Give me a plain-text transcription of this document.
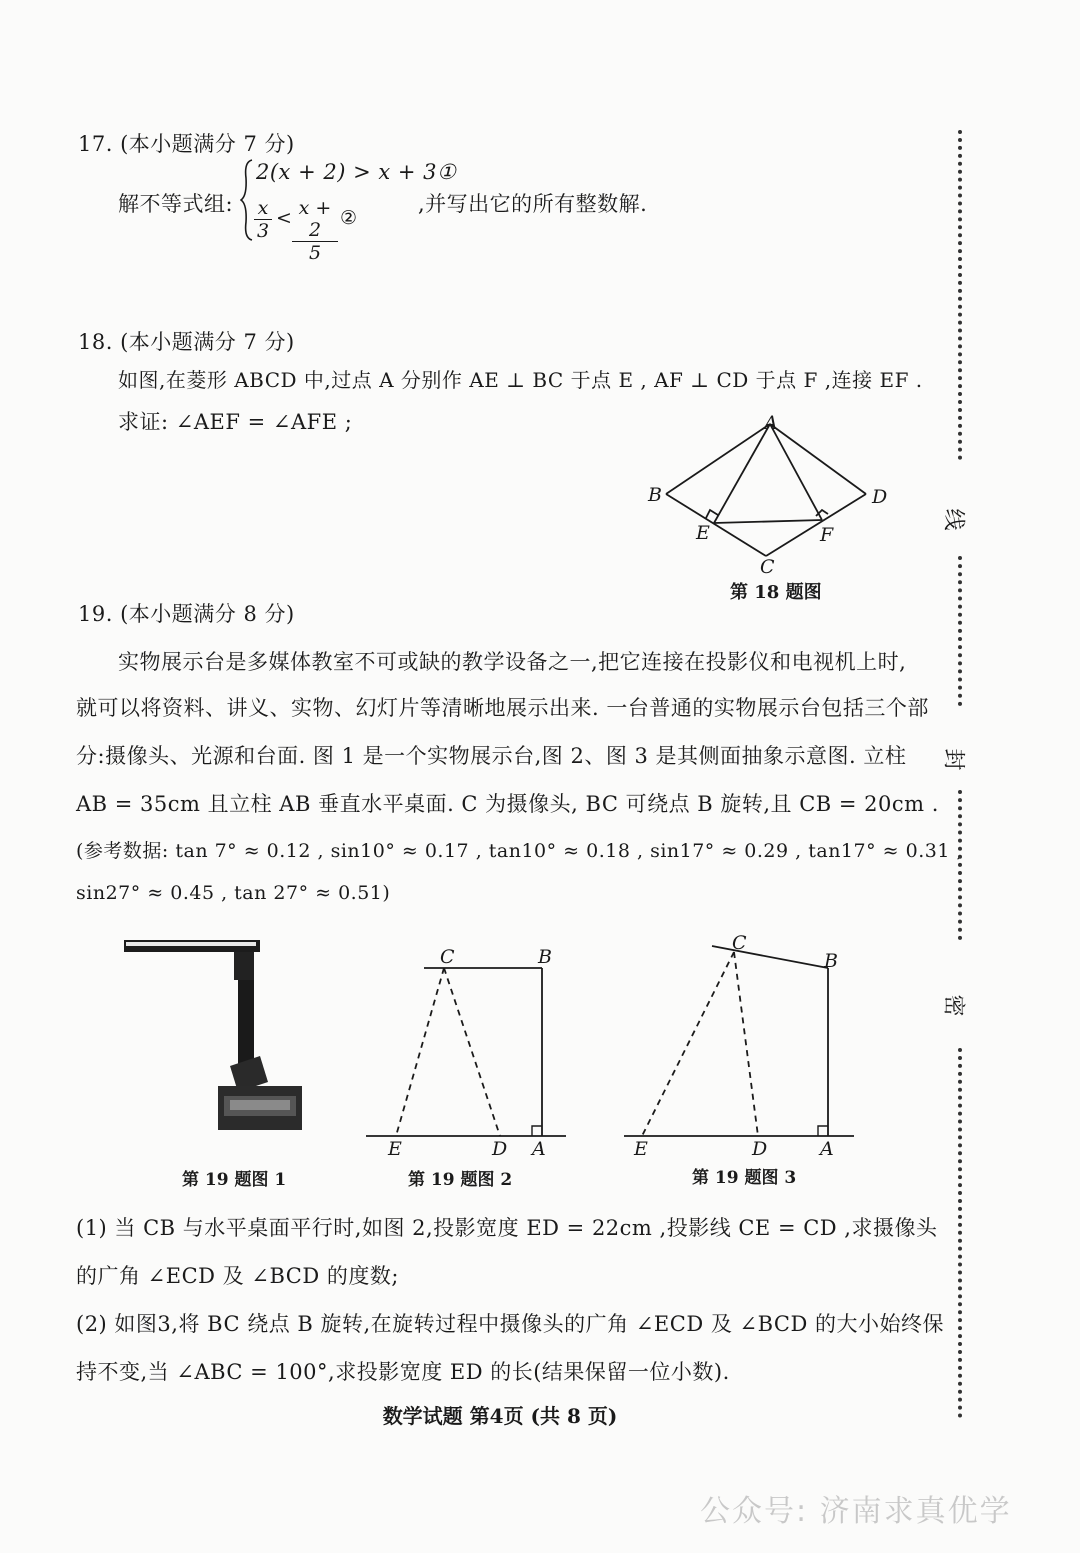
17. (本小题满分 7 分)
解不等式组:
2(x + 2) > x + 3①
$\frac{x}{3} < \frac{x + 2}{5}$ ②
,并写出它的所有整数解.
18. (本小题满分 7 分)
如图,在菱形 ABCD 中,过点 A 分别作 AE ⊥ BC 于点 E , AF ⊥ CD 于点 F ,连接 EF .
求证: ∠AEF = ∠AFE ;	A
B	D
E	F
C
第 18 题图
19. (本小题满分 8 分)
实物展示台是多媒体教室不可或缺的教学设备之一,把它连接在投影仪和电视机上时,
就可以将资料、讲义、实物、幻灯片等清晰地展示出来. 一台普通的实物展示台包括三个部
分:摄像头、光源和台面. 图 1 是一个实物展示台,图 2、图 3 是其侧面抽象示意图. 立柱
AB = 35cm 且立柱 AB 垂直水平桌面. C 为摄像头, BC 可绕点 B 旋转,且 CB = 20cm .
(参考数据: tan 7° ≈ 0.12 , sin10° ≈ 0.17 , tan10° ≈ 0.18 , sin17° ≈ 0.29 , tan17° ≈ 0.31 ,
sin27° ≈ 0.45 , tan 27° ≈ 0.51)
第 19 题图 1
C	B
E	D A
第 19 题图 2
C
B
E	D	A
第 19 题图 3
(1) 当 CB 与水平桌面平行时,如图 2,投影宽度 ED = 22cm ,投影线 CE = CD ,求摄像头
的广角 ∠ECD 及 ∠BCD 的度数;
(2) 如图3,将 BC 绕点 B 旋转,在旋转过程中摄像头的广角 ∠ECD 及 ∠BCD 的大小始终保
持不变,当 ∠ABC = 100°,求投影宽度 ED 的长(结果保留一位小数).
线
封
密
数学试题 第4页 (共 8 页)
公众号: 济南求真优学
